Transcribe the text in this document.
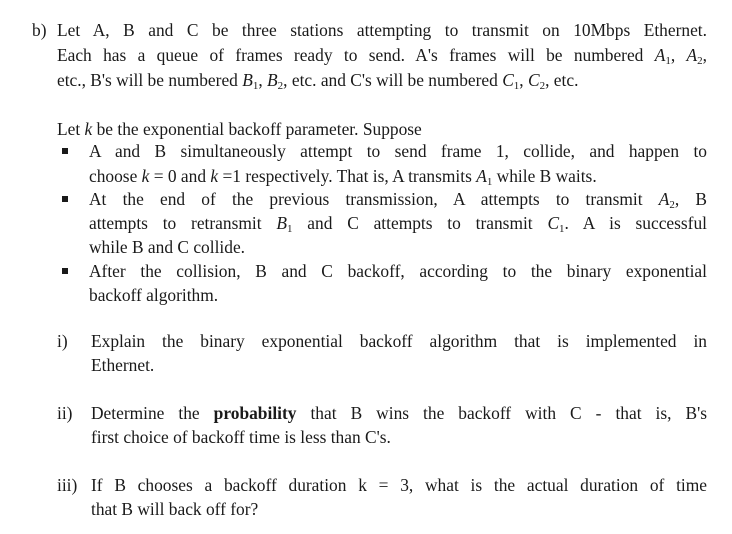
b) Let A, B and C be three stations attempting to transmit on 10Mbps Ethernet.
Each has a queue of frames ready to send. A's frames will be numbered $A_1$, $A_2$,
etc., B's will be numbered $B_1$, $B_2$, etc. and C's will be numbered $C_1$, $C_2$, etc.
Let k be the exponential backoff parameter. Suppose
A and B simultaneously attempt to send frame 1, collide, and happen to
choose k = 0 and k =1 respectively. That is, A transmits $A_1$ while B waits.
At the end of the previous transmission, A attempts to transmit $A_2$, B
attempts to retransmit $B_1$ and C attempts to transmit $C_1$. A is successful
while B and C collide.
After the collision, B and C backoff, according to the binary exponential
backoff algorithm.
i) Explain the binary exponential backoff algorithm that is implemented in
Ethernet.
ii) Determine the probability that B wins the backoff with C - that is, B's
first choice of backoff time is less than C's.
iii) If B chooses a backoff duration k = 3, what is the actual duration of time
that B will back off for?
